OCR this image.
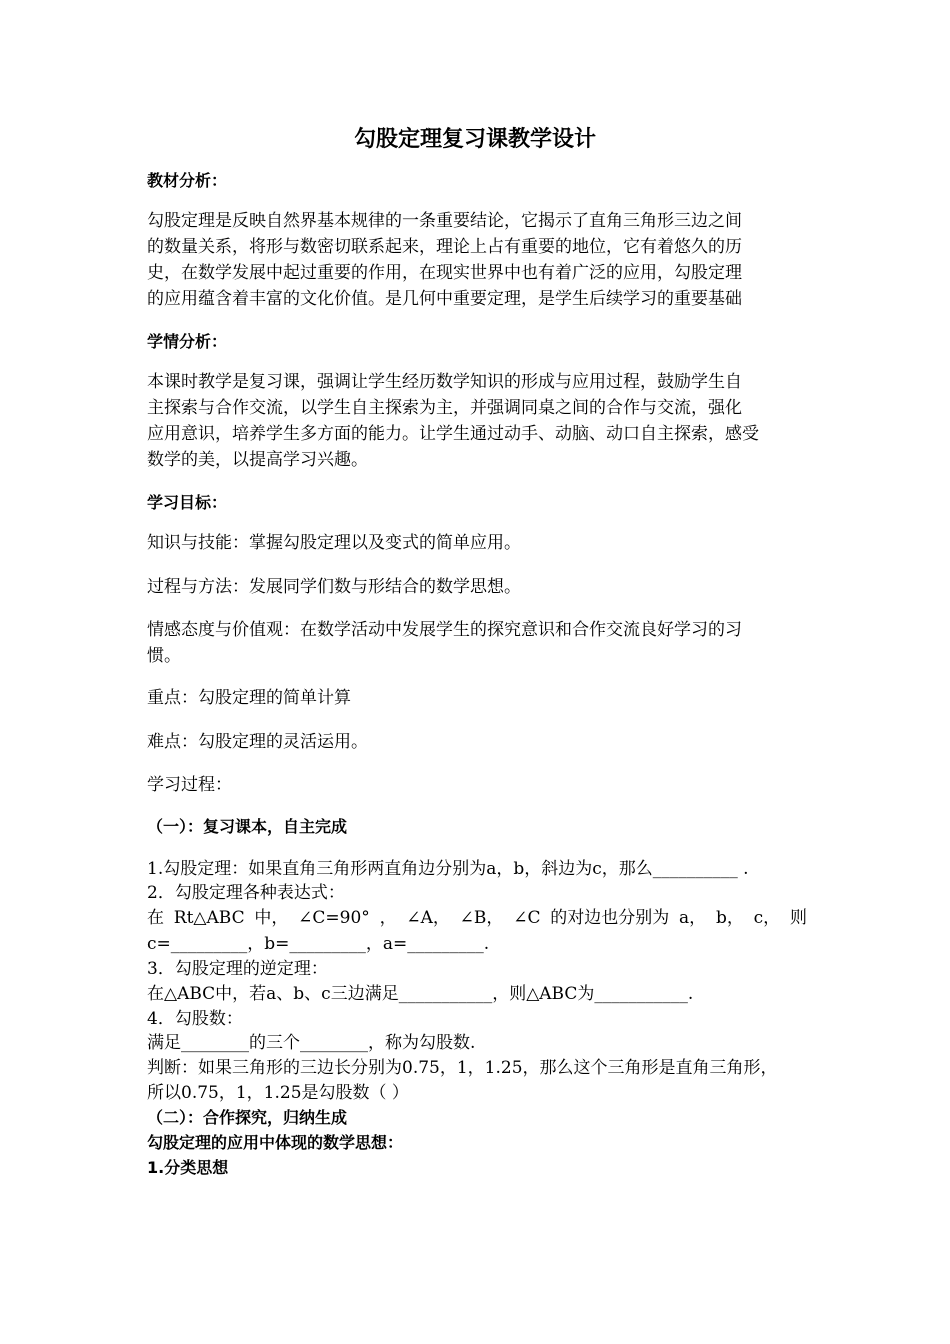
勾股定理复习课教学设计
教材分析：
勾股定理是反映自然界基本规律的一条重要结论，它揭示了直角三角形三边之间
的数量关系，将形与数密切联系起来，理论上占有重要的地位，它有着悠久的历
史，在数学发展中起过重要的作用，在现实世界中也有着广泛的应用，勾股定理
的应用蕴含着丰富的文化价值。是几何中重要定理，是学生后续学习的重要基础
学情分析：
本课时教学是复习课，强调让学生经历数学知识的形成与应用过程，鼓励学生自
主探索与合作交流，以学生自主探索为主，并强调同桌之间的合作与交流，强化
应用意识，培养学生多方面的能力。让学生通过动手、动脑、动口自主探索，感受
数学的美，以提高学习兴趣。
学习目标：
知识与技能：掌握勾股定理以及变式的简单应用。
过程与方法：发展同学们数与形结合的数学思想。
情感态度与价值观：在数学活动中发展学生的探究意识和合作交流良好学习的习
惯。
重点：勾股定理的简单计算
难点：勾股定理的灵活运用。
学习过程：
（一）：复习课本，自主完成
1.勾股定理：如果直角三角形两直角边分别为a，b，斜边为c，那么__________ .
2．勾股定理各种表达式：
在 Rt△ABC 中， ∠C=90° ， ∠A， ∠B， ∠C 的对边也分别为 a， b， c， 则
c=_________，b=_________，a=_________.
3．勾股定理的逆定理：
在△ABC中，若a、b、c三边满足___________，则△ABC为___________.
4．勾股数：
满足________的三个________，称为勾股数.
判断：如果三角形的三边长分别为0.75，1，1.25，那么这个三角形是直角三角形，
所以0.75，1，1.25是勾股数（ ）
（二）：合作探究，归纳生成
勾股定理的应用中体现的数学思想：
1.分类思想
